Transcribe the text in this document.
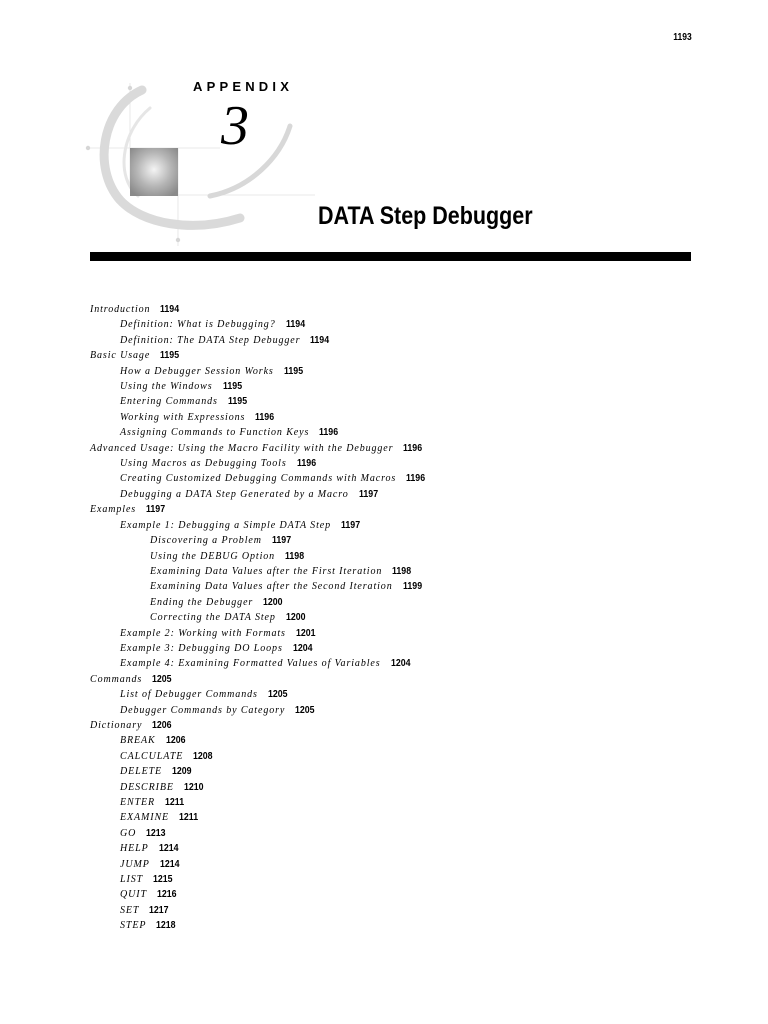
1193
APPENDIX
3
DATA Step Debugger
Introduction 1194
Definition: What is Debugging? 1194
Definition: The DATA Step Debugger 1194
Basic Usage 1195
How a Debugger Session Works 1195
Using the Windows 1195
Entering Commands 1195
Working with Expressions 1196
Assigning Commands to Function Keys 1196
Advanced Usage: Using the Macro Facility with the Debugger 1196
Using Macros as Debugging Tools 1196
Creating Customized Debugging Commands with Macros 1196
Debugging a DATA Step Generated by a Macro 1197
Examples 1197
Example 1: Debugging a Simple DATA Step 1197
Discovering a Problem 1197
Using the DEBUG Option 1198
Examining Data Values after the First Iteration 1198
Examining Data Values after the Second Iteration 1199
Ending the Debugger 1200
Correcting the DATA Step 1200
Example 2: Working with Formats 1201
Example 3: Debugging DO Loops 1204
Example 4: Examining Formatted Values of Variables 1204
Commands 1205
List of Debugger Commands 1205
Debugger Commands by Category 1205
Dictionary 1206
BREAK 1206
CALCULATE 1208
DELETE 1209
DESCRIBE 1210
ENTER 1211
EXAMINE 1211
GO 1213
HELP 1214
JUMP 1214
LIST 1215
QUIT 1216
SET 1217
STEP 1218
